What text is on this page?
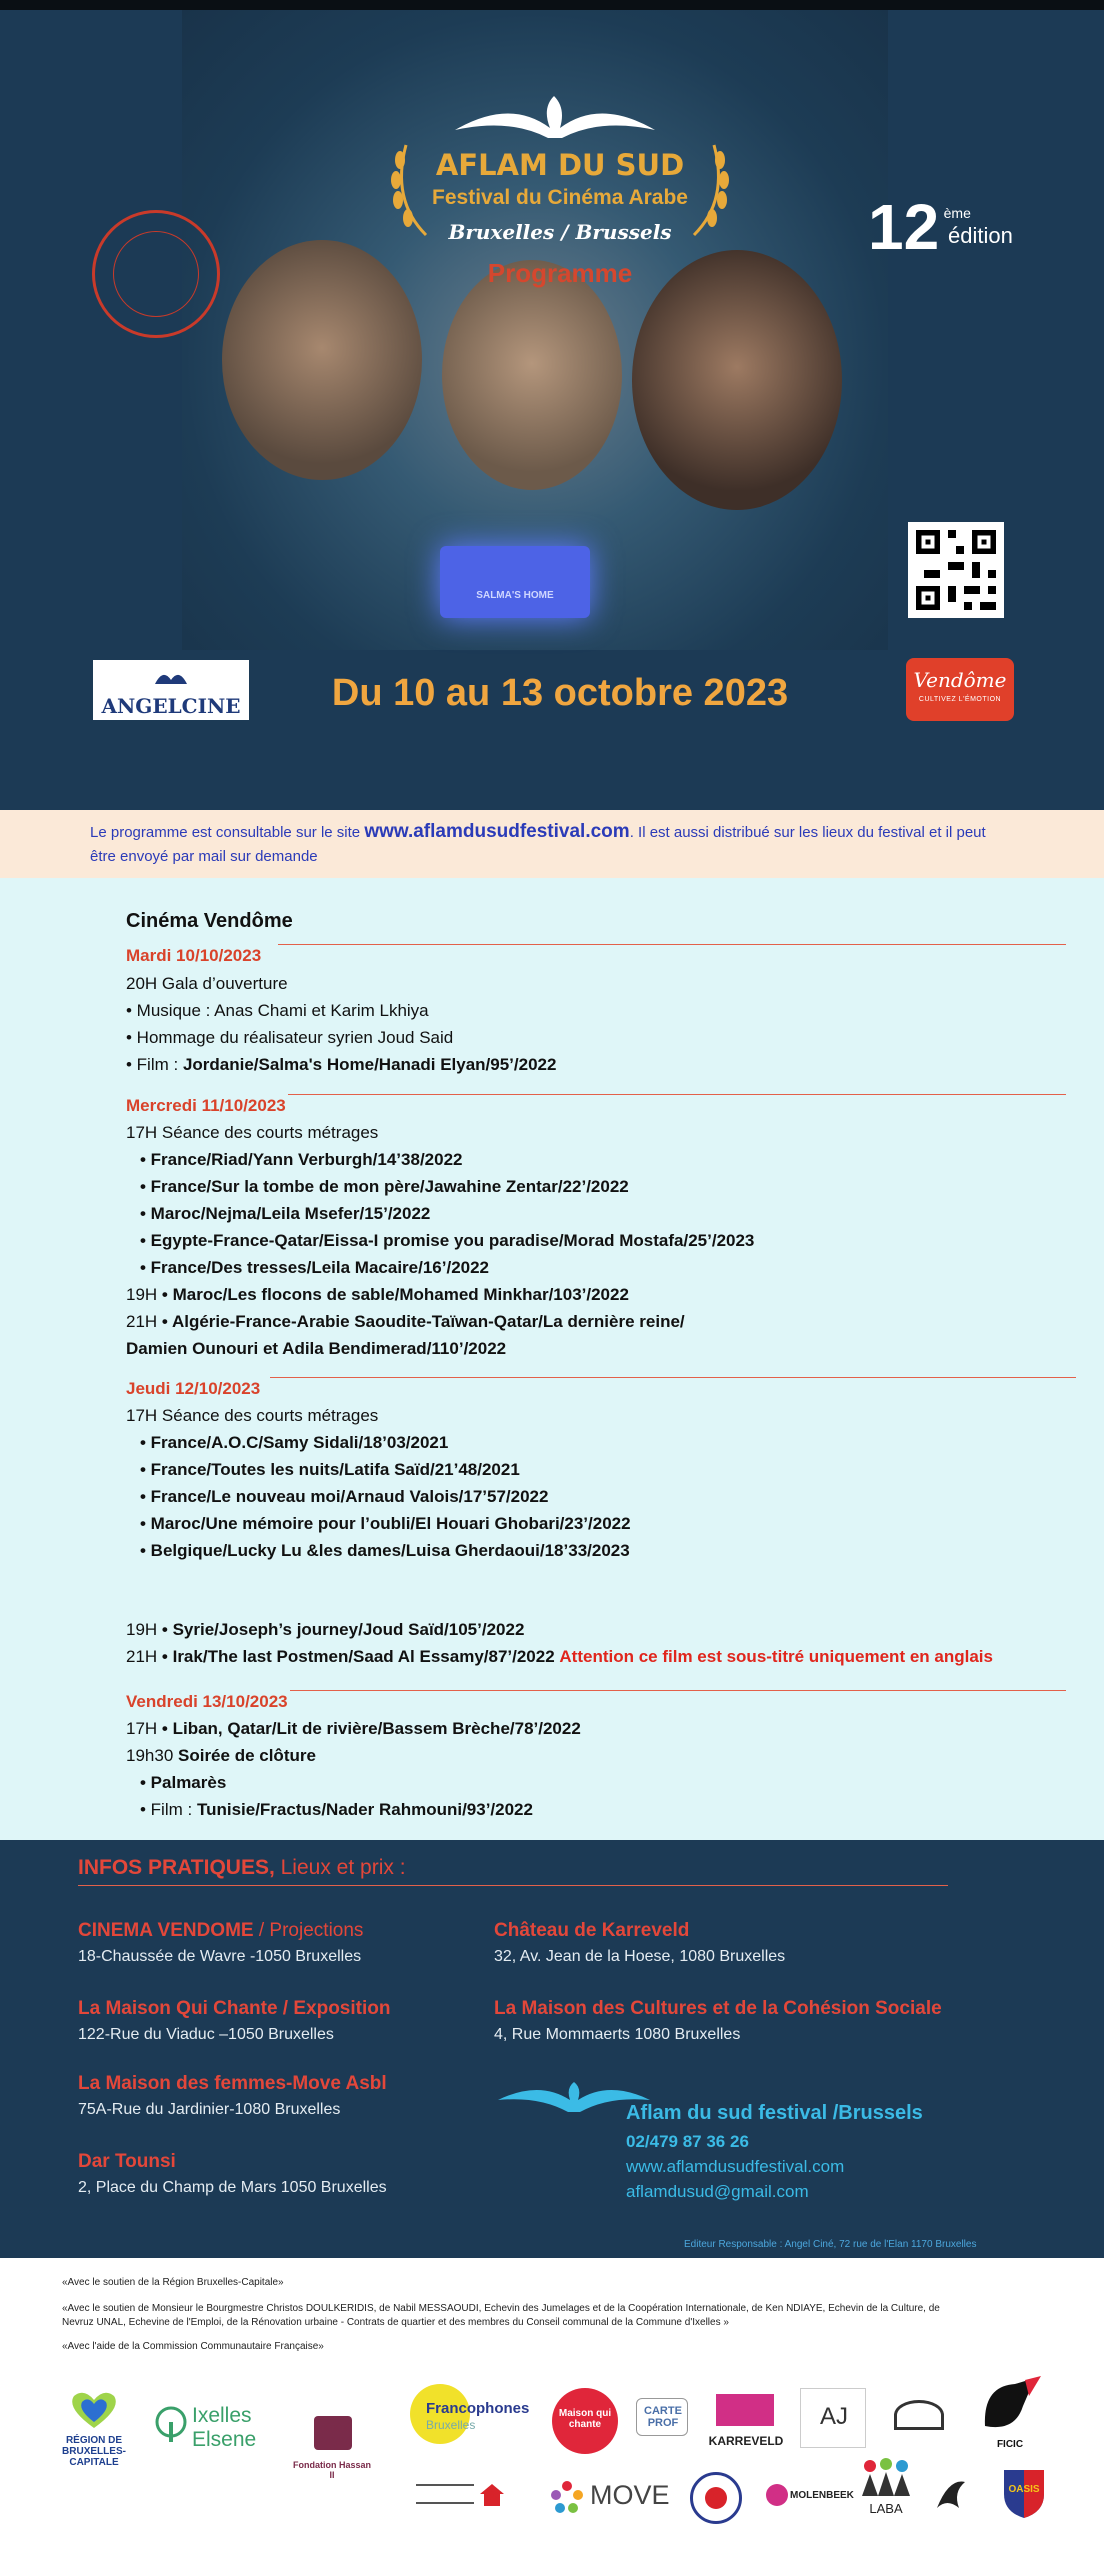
SALMA'S HOME
AFLAM DU SUD
Festival du Cinéma Arabe
Bruxelles / Brussels
Programme
12 ème
édition
ANGELCINE	Du 10 au 13 octobre 2023	Vendôme
CULTIVEZ L'ÉMOTION

Le programme est consultable sur le site www.aflamdusudfestival.com. Il est aussi distribué sur les lieux du festival et il peut être envoyé par mail sur demande

Cinéma Vendôme
Mardi 10/10/2023
20H Gala d’ouverture
• Musique : Anas Chami et Karim Lkhiya
• Hommage du réalisateur syrien Joud Said
• Film : Jordanie/Salma's Home/Hanadi Elyan/95’/2022
Mercredi 11/10/2023
17H Séance des courts métrages
• France/Riad/Yann Verburgh/14’38/2022
• France/Sur la tombe de mon père/Jawahine Zentar/22’/2022
• Maroc/Nejma/Leila Msefer/15’/2022
• Egypte-France-Qatar/Eissa-I promise you paradise/Morad Mostafa/25’/2023
• France/Des tresses/Leila Macaire/16’/2022
19H • Maroc/Les flocons de sable/Mohamed Minkhar/103’/2022
21H • Algérie-France-Arabie Saoudite-Taïwan-Qatar/La dernière reine/
Damien Ounouri et Adila Bendimerad/110’/2022
Jeudi 12/10/2023
17H Séance des courts métrages
• France/A.O.C/Samy Sidali/18’03/2021
• France/Toutes les nuits/Latifa Saïd/21’48/2021
• France/Le nouveau moi/Arnaud Valois/17’57/2022
• Maroc/Une mémoire pour l’oubli/El Houari Ghobari/23’/2022
• Belgique/Lucky Lu &les dames/Luisa Gherdaoui/18’33/2023
19H • Syrie/Joseph’s journey/Joud Saïd/105’/2022
21H • Irak/The last Postmen/Saad Al Essamy/87’/2022 Attention ce film est sous-titré uniquement en anglais
Vendredi 13/10/2023
17H • Liban, Qatar/Lit de rivière/Bassem Brèche/78’/2022
19h30 Soirée de clôture
• Palmarès
• Film : Tunisie/Fractus/Nader Rahmouni/93’/2022
INFOS PRATIQUES, Lieux et prix :
CINEMA VENDOME / Projections
18-Chaussée de Wavre -1050 Bruxelles
La Maison Qui Chante / Exposition
122-Rue du Viaduc –1050 Bruxelles
La Maison des femmes-Move Asbl
75A-Rue du Jardinier-1080 Bruxelles
Dar Tounsi
2, Place du Champ de Mars 1050 Bruxelles
Château de Karreveld
32, Av. Jean de la Hoese, 1080 Bruxelles
La Maison des Cultures et de la Cohésion Sociale
4, Rue Mommaerts 1080 Bruxelles
Aflam du sud festival /Brussels
02/479 87 36 26
www.aflamdusudfestival.com
aflamdusud@gmail.com
Editeur Responsable : Angel Ciné, 72 rue de l'Elan 1170 Bruxelles
«Avec le soutien de la Région Bruxelles-Capitale»
«Avec le soutien de Monsieur le Bourgmestre Christos DOULKERIDIS, de Nabil MESSAOUDI, Echevin des Jumelages et de la Coopération Internationale, de Ken NDIAYE, Echevin de la Culture, de Nevruz UNAL, Echevine de l'Emploi, de la Rénovation urbaine - Contrats de quartier et des membres du Conseil communal de la Commune d'Ixelles »
«Avec l'aide de la Commission Communautaire Française»
RÉGION DE BRUXELLES-CAPITALE
Ixelles
Elsene
Fondation Hassan II
Francophones
Bruxelles
Maison qui chante
CARTE PROF
KARREVELD
AJ
FICIC
MOVE	MOLENBEEK
LABA
OASIS
